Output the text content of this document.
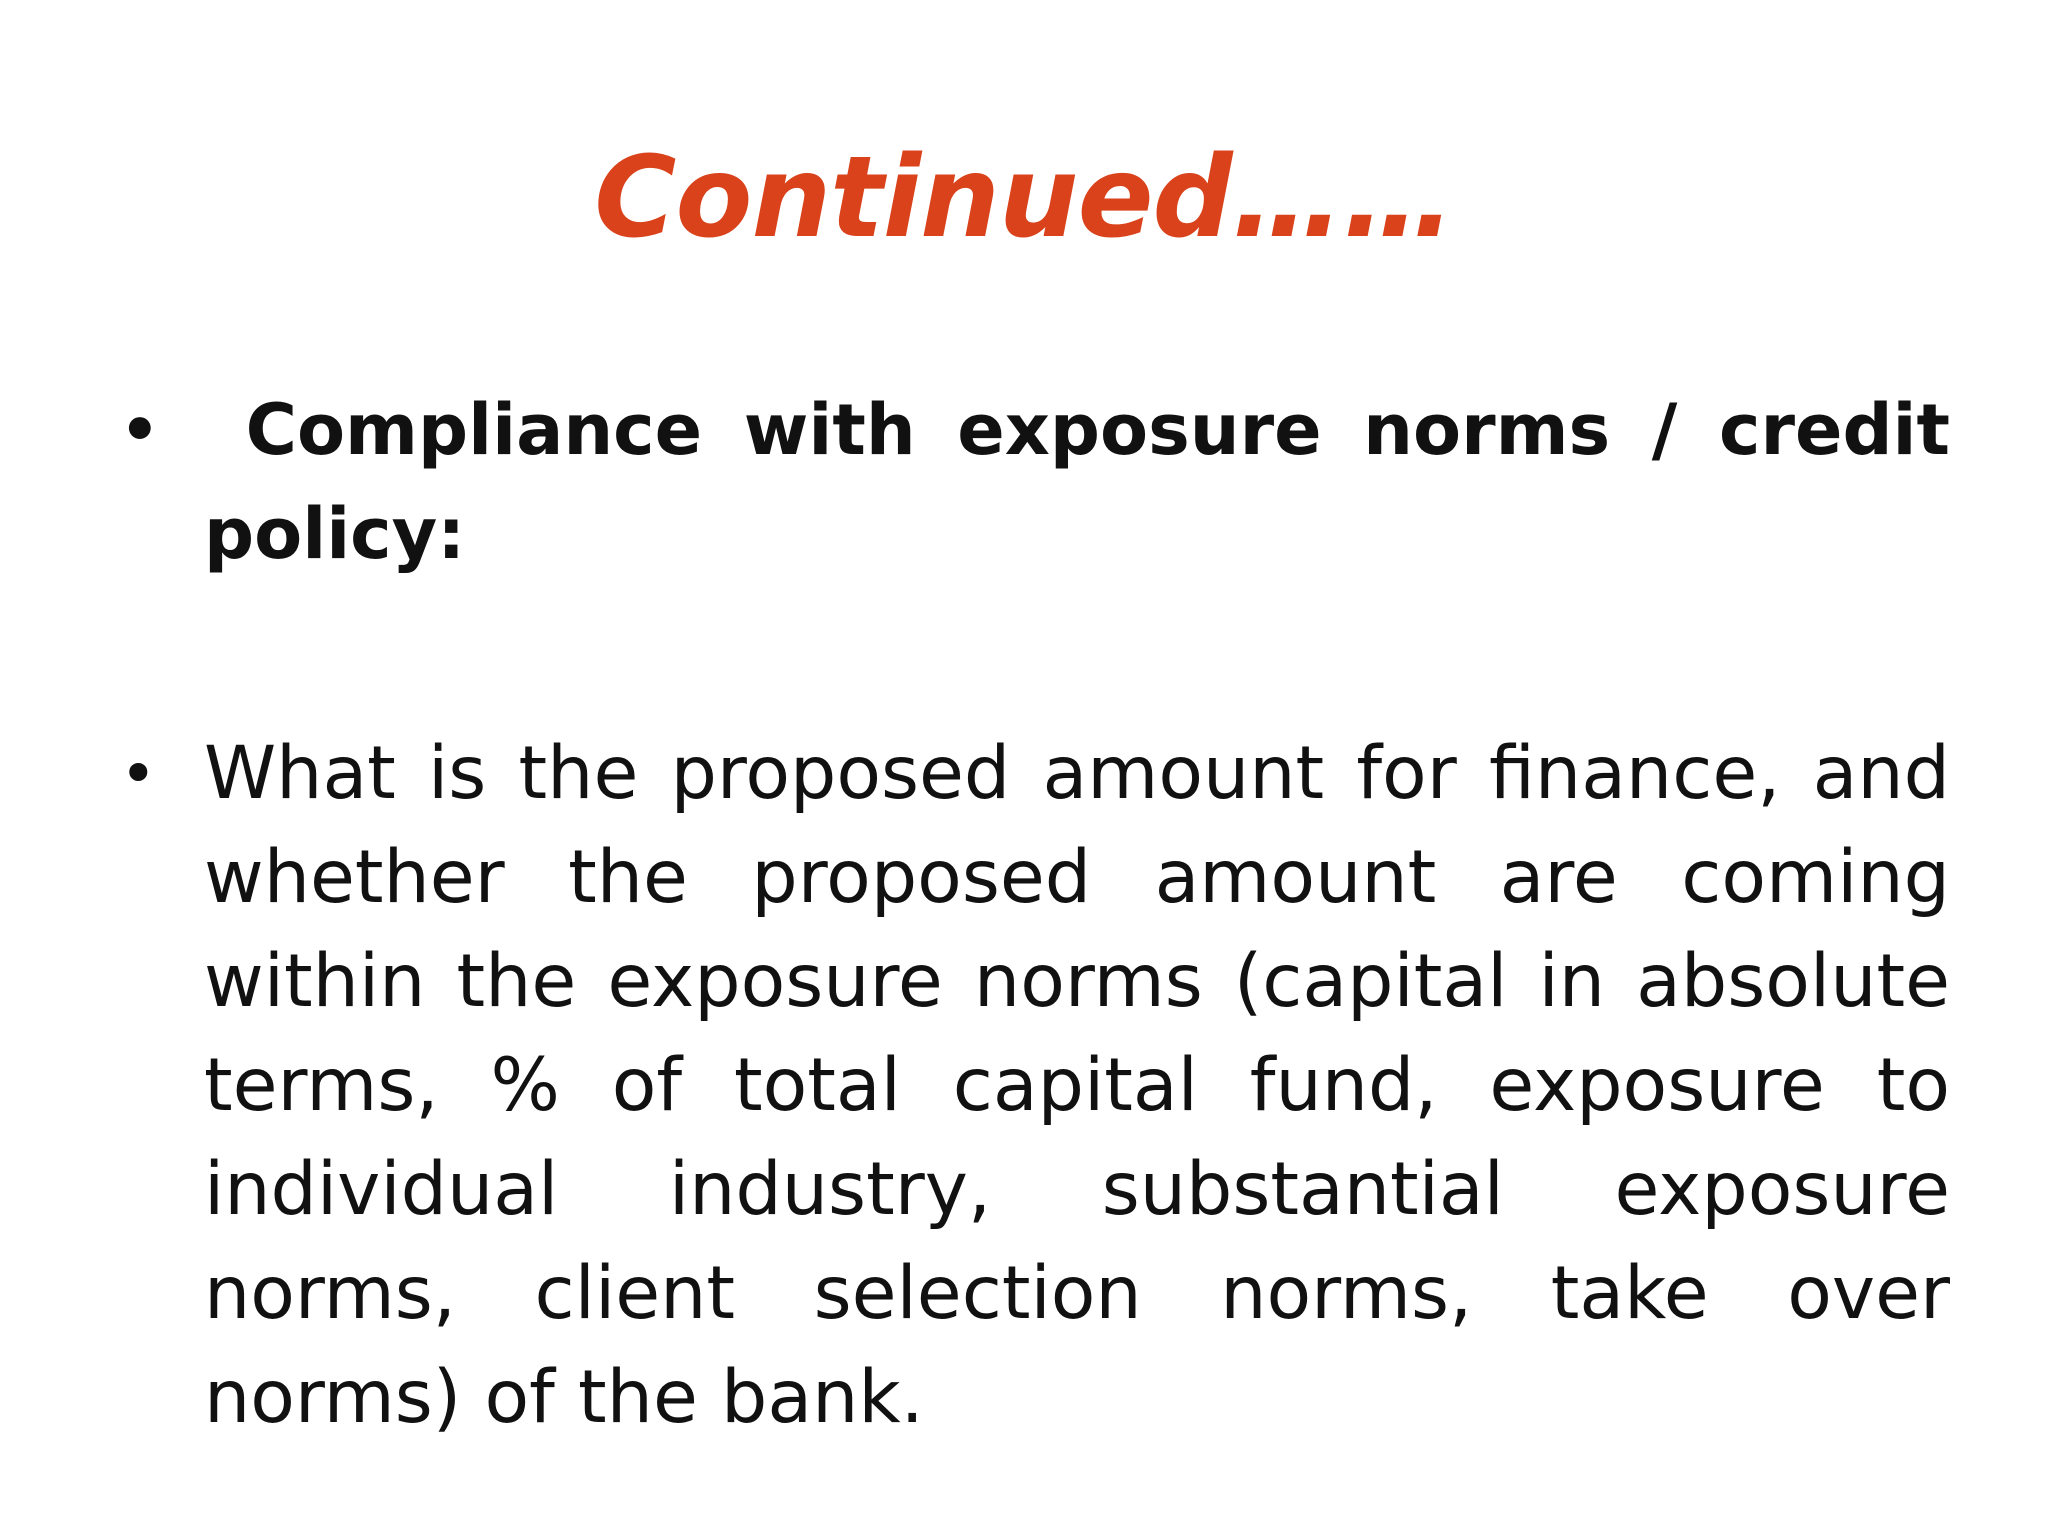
Continued……
• Compliance with exposure norms / credit policy:
• What is the proposed amount for finance, and whether the proposed amount are coming within the exposure norms (capital in absolute terms, % of total capital fund, exposure to individual industry, substantial exposure norms, client selection norms, take over norms) of the bank.
